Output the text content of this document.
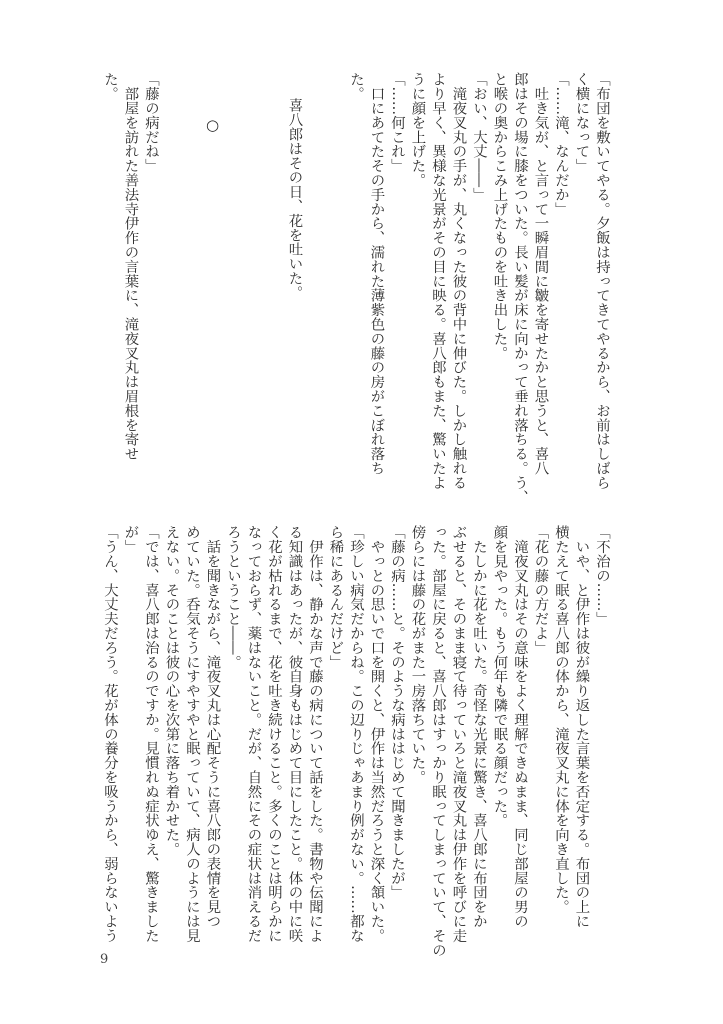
「布団を敷いてやる。夕飯は持ってきてやるから、お前はしばら
く横になって」
「……滝、なんだか」
　吐き気が、と言って一瞬眉間に皺を寄せたかと思うと、喜八
郎はその場に膝をついた。長い髪が床に向かって垂れ落ちる。う、
と喉の奥からこみ上げたものを吐き出した。
「おい、大丈――」
　滝夜叉丸の手が、丸くなった彼の背中に伸びた。しかし触れる
より早く、異様な光景がその目に映る。喜八郎もまた、驚いたよ
うに顔を上げた。
「……何これ」
　口にあてたその手から、濡れた薄紫色の藤の房がこぼれ落ち
た。
喜八郎はその日、花を吐いた。
○
「藤の病だね」
　部屋を訪れた善法寺伊作の言葉に、滝夜叉丸は眉根を寄せ
た。
「不治の……」
　いや、と伊作は彼が繰り返した言葉を否定する。布団の上に
横たえて眠る喜八郎の体から、滝夜叉丸に体を向き直した。
「花の藤の方だよ」
　滝夜叉丸はその意味をよく理解できぬまま、同じ部屋の男の
顔を見やった。もう何年も隣で眠る顔だった。
　たしかに花を吐いた。奇怪な光景に驚き、喜八郎に布団をか
ぶせると、そのまま寝て待っていろと滝夜叉丸は伊作を呼びに走
った。部屋に戻ると、喜八郎はすっかり眠ってしまっていて、その
傍らには藤の花がまた一房落ちていた。
「藤の病……と。そのような病ははじめて聞きましたが」
　やっとの思いで口を開くと、伊作は当然だろうと深く頷いた。
「珍しい病気だからね。この辺りじゃあまり例がない。……都な
ら稀にあるんだけど」
　伊作は、静かな声で藤の病について話をした。書物や伝聞によ
る知識はあったが、彼自身もはじめて目にしたこと。体の中に咲
く花が枯れるまで、花を吐き続けること。多くのことは明らかに
なっておらず、薬はないこと。だが、自然にその症状は消えるだ
ろうということ――。
　話を聞きながら、滝夜叉丸は心配そうに喜八郎の表情を見つ
めていた。呑気そうにすやすやと眠っていて、病人のようには見
えない。そのことは彼の心を次第に落ち着かせた。
「では、喜八郎は治るのですか。見慣れぬ症状ゆえ、驚きました
が」
「うん、大丈夫だろう。花が体の養分を吸うから、弱らないよう
9
